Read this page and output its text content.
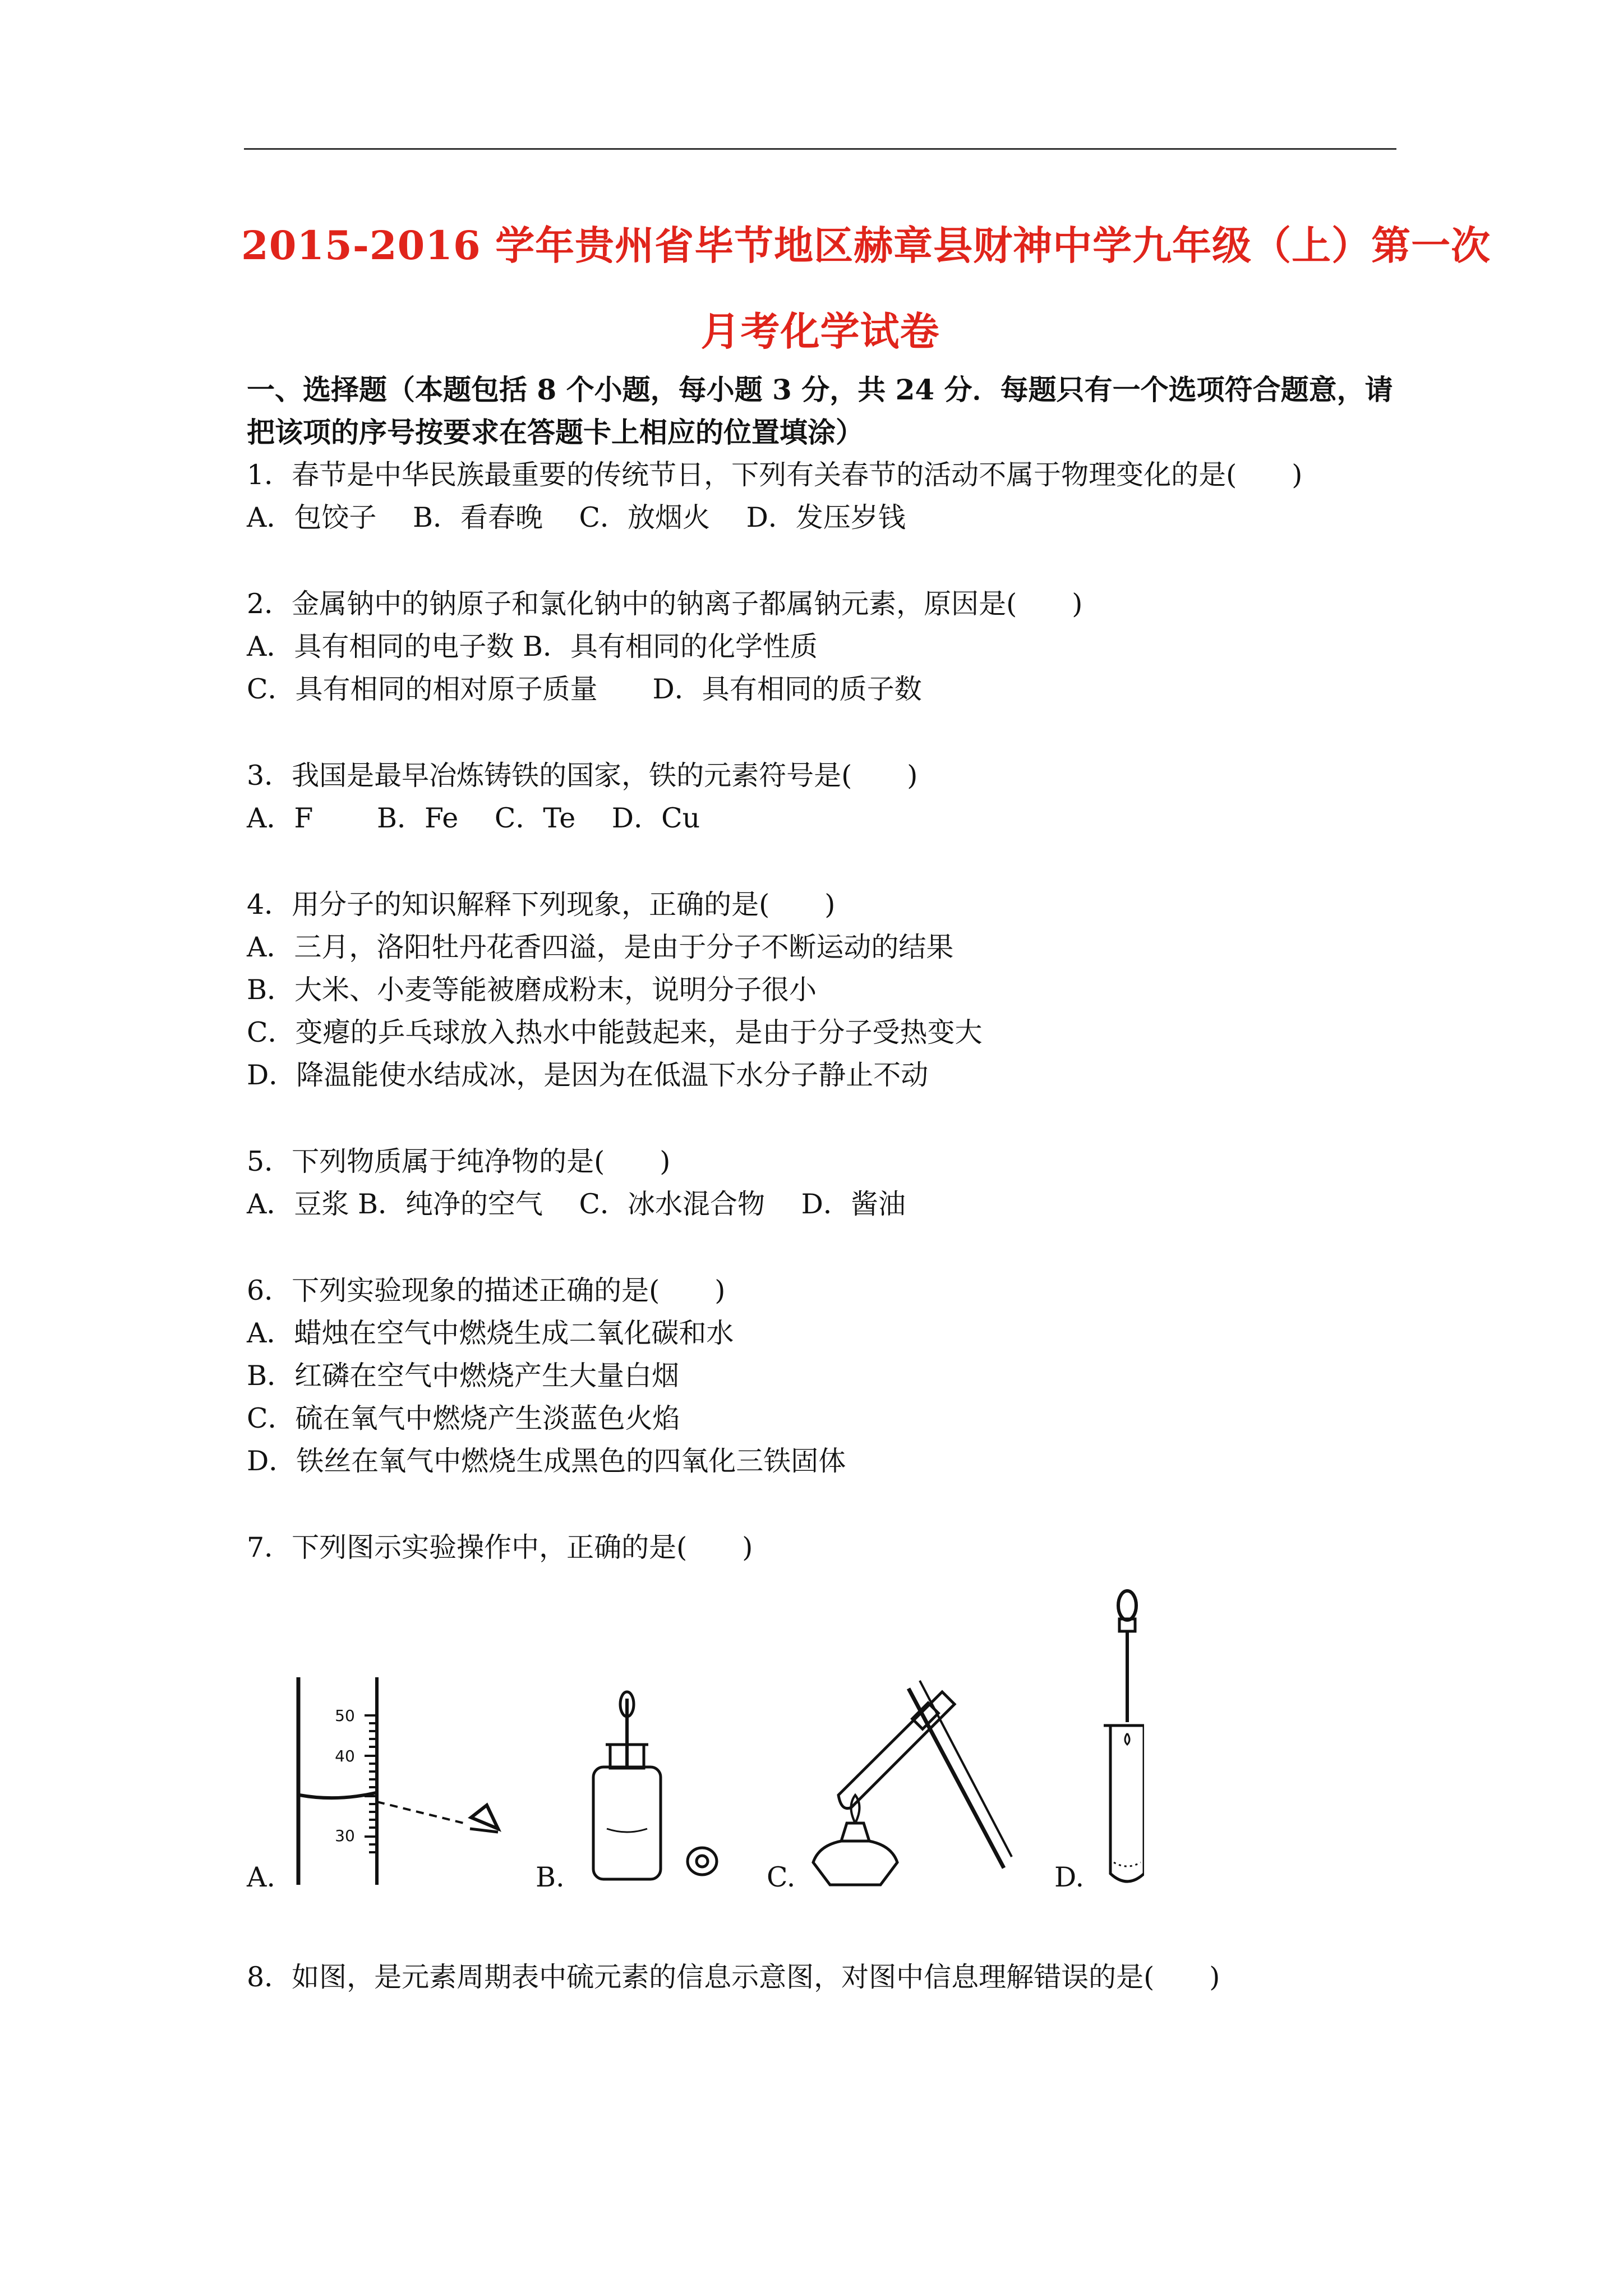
2015-2016 学年贵州省毕节地区赫章县财神中学九年级（上）第一次
月考化学试卷
一、选择题（本题包括 8 个小题，每小题 3 分，共 24 分．每题只有一个选项符合题意，请
把该项的序号按要求在答题卡上相应的位置填涂）
1．春节是中华民族最重要的传统节日，下列有关春节的活动不属于物理变化的是(　　)
A．包饺子　 B．看春晚　 C．放烟火　 D．发压岁钱
2．金属钠中的钠原子和氯化钠中的钠离子都属钠元素，原因是(　　)
A．具有相同的电子数 B．具有相同的化学性质
C．具有相同的相对原子质量　　D．具有相同的质子数
3．我国是最早冶炼铸铁的国家，铁的元素符号是(　　)
A．F　　 B．Fe　 C．Te　 D．Cu
4．用分子的知识解释下列现象，正确的是(　　)
A．三月，洛阳牡丹花香四溢，是由于分子不断运动的结果
B．大米、小麦等能被磨成粉末，说明分子很小
C．变瘪的乒乓球放入热水中能鼓起来，是由于分子受热变大
D．降温能使水结成冰，是因为在低温下水分子静止不动
5．下列物质属于纯净物的是(　　)
A．豆浆 B．纯净的空气　 C．冰水混合物　 D．酱油
6．下列实验现象的描述正确的是(　　)
A．蜡烛在空气中燃烧生成二氧化碳和水
B．红磷在空气中燃烧产生大量白烟
C．硫在氧气中燃烧产生淡蓝色火焰
D．铁丝在氧气中燃烧生成黑色的四氧化三铁固体
7．下列图示实验操作中，正确的是(　　)
50
40
30
A.	B.	C.	D.
8．如图，是元素周期表中硫元素的信息示意图，对图中信息理解错误的是(　　)
